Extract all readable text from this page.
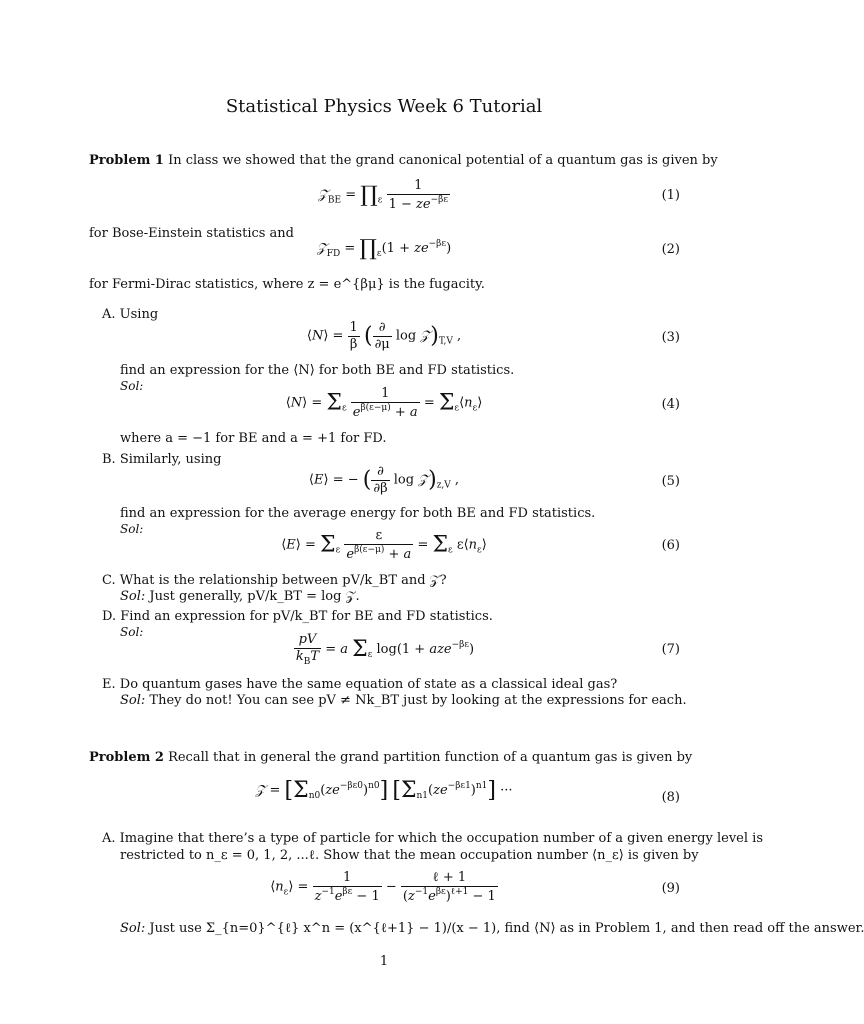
Statistical Physics Week 6 Tutorial
Problem 1 In class we showed that the grand canonical potential of a quantum gas is given by
𝒵$_{BE}$ = $\prod_\varepsilon \frac{1}{1 - ze^{-\beta\varepsilon}}$	(1)
for Bose-Einstein statistics and
𝒵$_{FD}$ = $\prod_\varepsilon(1 + ze^{-\beta\varepsilon})$	(2)
for Fermi-Dirac statistics, where z = e^{βμ} is the fugacity.
A. Using
⟨N⟩ = $\frac{1}{\beta}$ ( $\frac{\partial}{\partial\mu}$ $\log 𝒵)_{T,V}$ ,	(3)
find an expression for the ⟨N⟩ for both BE and FD statistics.
Sol:
⟨N⟩ = $\Sigma_\varepsilon \frac{1}{e^{\beta(\varepsilon-\mu)} + a}$ = $\Sigma_\varepsilon⟨n_\varepsilon⟩$	(4)
where a = −1 for BE and a = +1 for FD.
B. Similarly, using
⟨E⟩ = − ( $\frac{\partial}{\partial\beta}$ $\log 𝒵)_{z,V}$ ,	(5)
find an expression for the average energy for both BE and FD statistics.
Sol:
⟨E⟩ = $\Sigma_\varepsilon \frac{\varepsilon}{e^{\beta(\varepsilon-\mu)} + a} = \Sigma_\varepsilon$ $\varepsilon⟨n_\varepsilon⟩$	(6)
C. What is the relationship between pV/k_BT and 𝒵?
Sol: Just generally, pV/k_BT = log 𝒵.
D. Find an expression for pV/k_BT for BE and FD statistics.
Sol:	$\frac{pV}{k_BT} = a$ $\Sigma_\varepsilon$ log(1 + aze$^{-\beta\varepsilon}$)	(7)
E. Do quantum gases have the same equation of state as a classical ideal gas?
Sol: They do not! You can see pV ≠ Nk_BT just by looking at the expressions for each.
Problem 2 Recall that in general the grand partition function of a quantum gas is given by
𝒵 = $[\Sigma_{n0}(ze^{-\beta\varepsilon 0})^{n0}]$ $[\Sigma_{n1}(ze^{-\beta\varepsilon 1})^{n1}]$ ···	(8)
A. Imagine that there’s a type of particle for which the occupation number of a given energy level is
restricted to n_ε = 0, 1, 2, ...ℓ. Show that the mean occupation number ⟨n_ε⟩ is given by
$⟨n_\varepsilon⟩ = \frac{1}{z^{-1}e^{\beta\varepsilon} - 1} - \frac{\text{ℓ + 1}}{(z^{-1}e^{\beta\varepsilon})^{\ell+1} - 1}$	(9)
Sol: Just use Σ_{n=0}^{ℓ} x^n = (x^{ℓ+1} − 1)/(x − 1), find ⟨N⟩ as in Problem 1, and then read off the answer.
1
